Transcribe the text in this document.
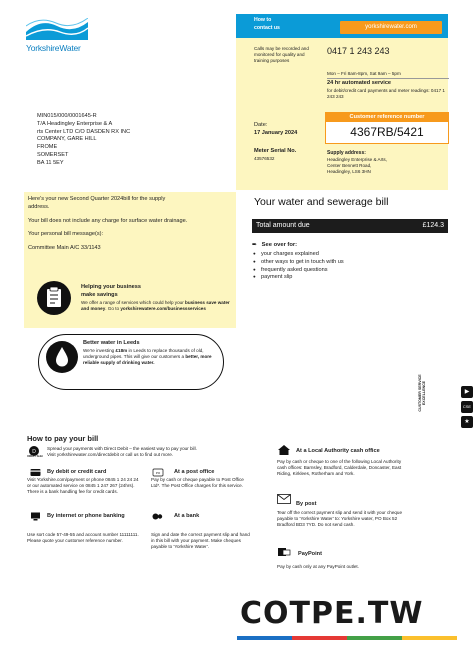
YorkshireWater
How to contact us	yorkshirewater.com
Calls may be recorded and monitored for quality and training purposes
0417 1 243 243
Mon – Fri 8am-8pm, Sat 9am – 5pm
24 hr automated service
for debit/credit card payments and meter readings: 0417 1 243 243
MIN015/000/0001645-R
T/A Headingley Enterprise & A
rts Center LTD C/O DASDEN RX INC
COMPANY, GARE HILL
FROME
SOMERSET
BA 11 5EY
Date:
17 January 2024
Meter Serial No.
43576532
Customer reference number
4367RB/5421
Supply address:
Headingley Enterprise & Arts,
Center Bennett Road,
Headingley, LS6 3HN

Here's your new Second Quarter 2024bill for the supply address.

Your bill does not include any charge for surface water drainage.

Your personal bill message(s):

Committee Main A/C 33/1143

Helping your business
make savings
We offer a range of services which could help your business save water and money. Go to yorkshirewatere.com/businessservices
Better water in Leeds
We're investing £18m in Leeds to replace thousands of old, underground pipes. This will give our customers a better, more reliable supply of drinking water.
Your water and sewerage bill
Total amount due	£124.3
➨ See over for:
● your charges explained
● other ways to get in touch with us
● frequently asked questions
● payment slip
CUSTOMER SERVICE EXCELLENCE	▶
CSE
★
How to pay your bill
D
DIRECT Debit
Spread your payments with Direct Debit – the easiest way to pay your bill.
Visit yorkshirewater.com/directdebit or call us to find out more.
By debit or credit card
Visit Yorkshire.com/payment or phone 0845 1 24 24 24 or our automated service on 0845 1 247 267 (24hrs). There is a bank handling fee for credit cards.
By internet or phone banking
Use sort code 57-49-55 and account number 11111111. Please quote your customer reference number.
PO At a post office
Pay by cash or cheque payable to Post Office Ltd*. The Post Office charges for this service.
At a bank
Sign and date the correct payment slip and hand in this bill with your payment. Make cheques payable to 'Yorkshire Water'.
At a Local Authority cash office
Pay by cash or cheque to one of the following Local Authority cash offices: Barnsley, Bradford, Calderdale, Doncaster, East Riding, Kirklees, Rotherham and York.
By post
Tear off the correct payment slip and send it with your cheque payable to 'Yorkshire Water' to: Yorkshire water, PO Box 52 Bradford BD3 7YD. Do not send cash.
PayPoint
Pay by cash only at any PayPoint outlet.
COTPE.TW
